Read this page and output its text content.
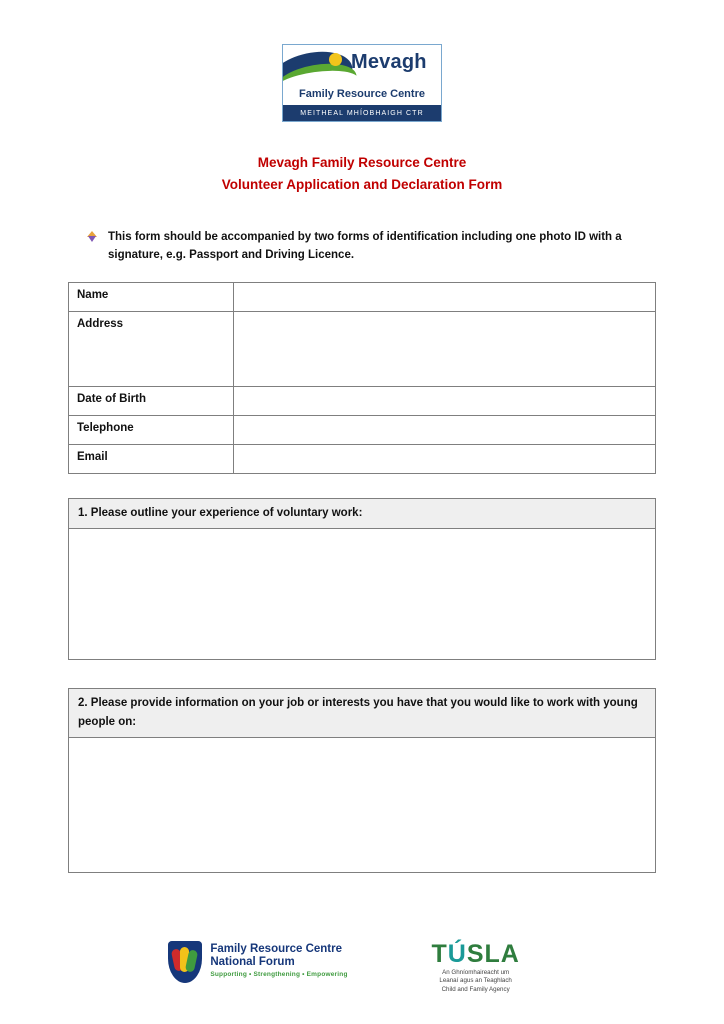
Mevagh
Family Resource Centre
MEITHEAL MHÍOBHAIGH CTR
Mevagh Family Resource Centre
Volunteer Application and Declaration Form
This form should be accompanied by two forms of identification including one photo ID with a signature, e.g. Passport and Driving Licence.
Name	
Address	
Date of Birth	
Telephone	
Email	
1. Please outline your experience of voluntary work:
2. Please provide information on your job or interests you have that you would like to work with young people on:
Family Resource Centre
National Forum
Supporting • Strengthening • Empowering
TÚSLA
An Ghníomhaireacht um
Leanaí agus an Teaghlach
Child and Family Agency
